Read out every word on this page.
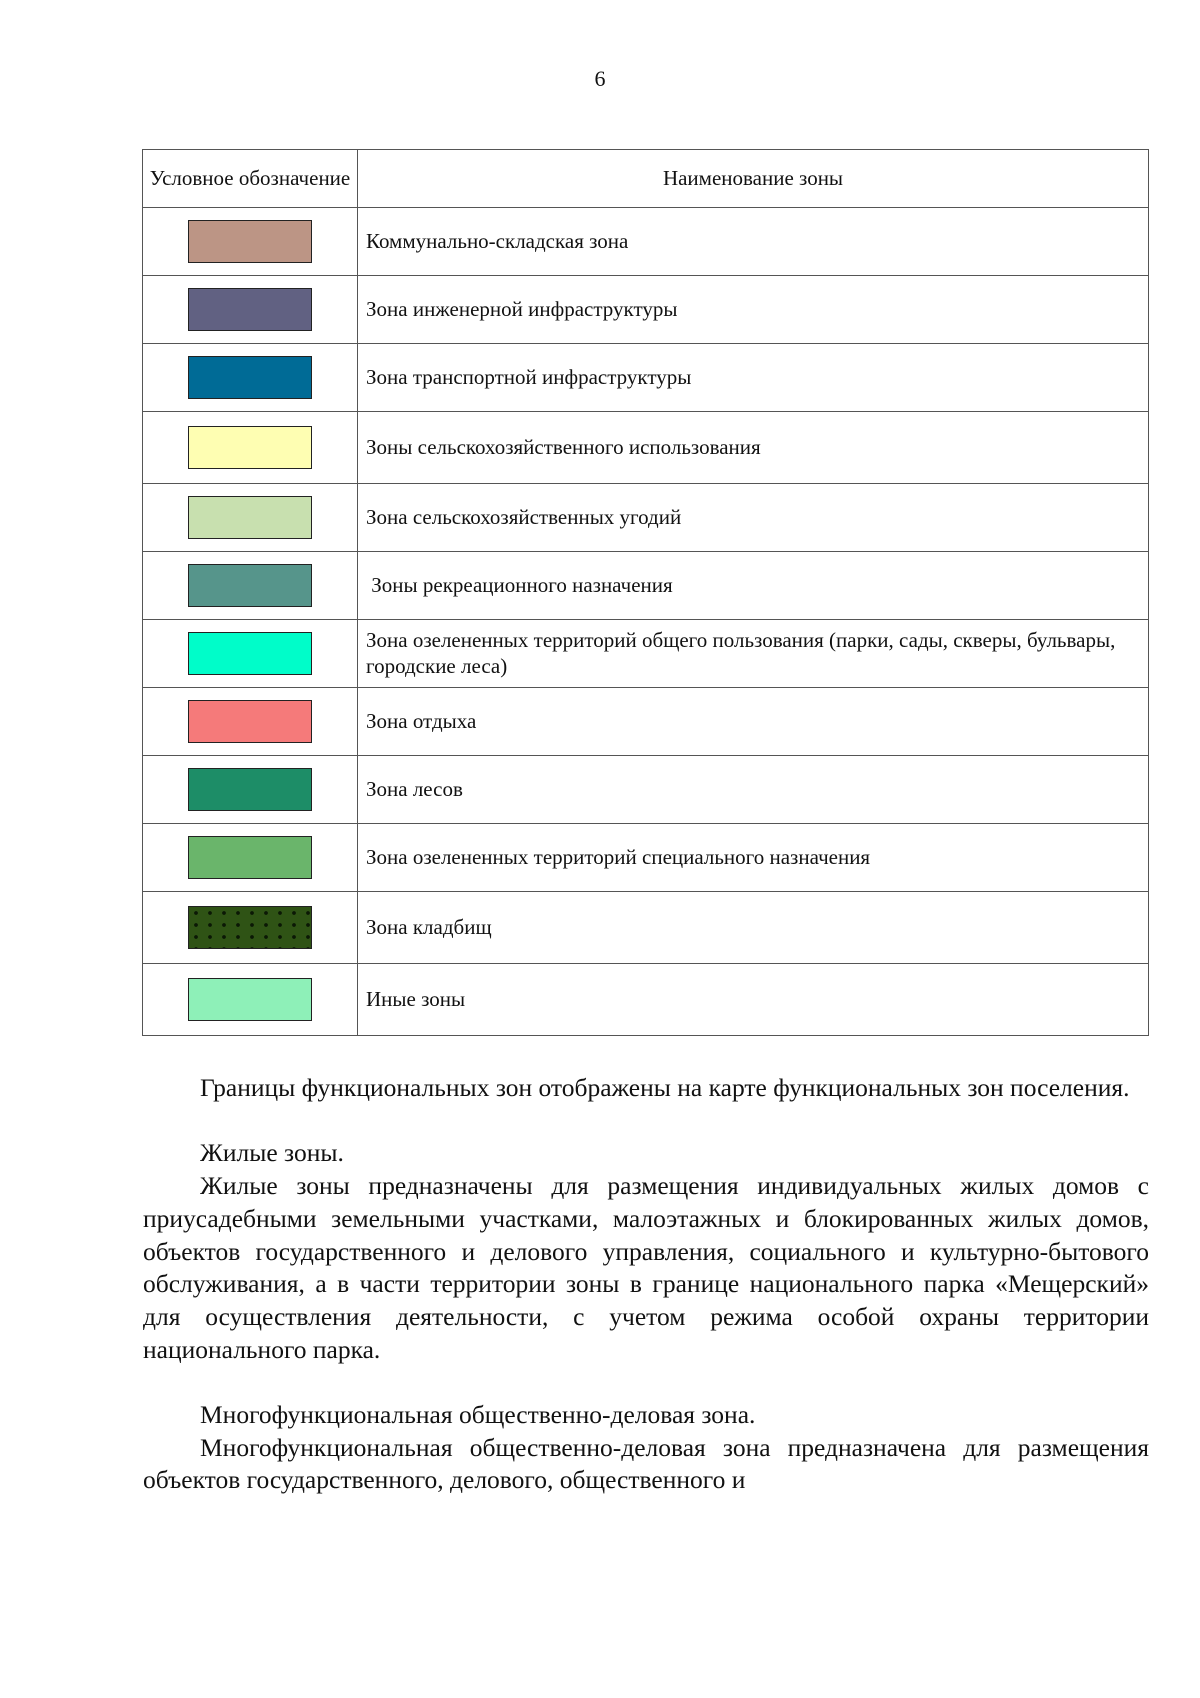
6
Условное обозначение	Наименование зоны
	Коммунально-складская зона
	Зона инженерной инфраструктуры
	Зона транспортной инфраструктуры
	Зоны сельскохозяйственного использования
	Зона сельскохозяйственных угодий
	Зоны рекреационного назначения
	Зона озелененных территорий общего пользования (парки, сады, скверы, бульвары, городские леса)
	Зона отдыха
	Зона лесов
	Зона озелененных территорий специального назначения
	Зона кладбищ
	Иные зоны

Границы функциональных зон отображены на карте функциональных зон поселения.

Жилые зоны.

Жилые зоны предназначены для размещения индивидуальных жилых домов с приусадебными земельными участками, малоэтажных и блокированных жилых домов, объектов государственного и делового управления, социального и культурно-бытового обслуживания, а в части территории зоны в границе национального парка «Мещерский» для осуществления деятельности, с учетом режима особой охраны территории национального парка.

Многофункциональная общественно-деловая зона.

Многофункциональная общественно-деловая зона предназначена для размещения объектов государственного, делового, общественного и
